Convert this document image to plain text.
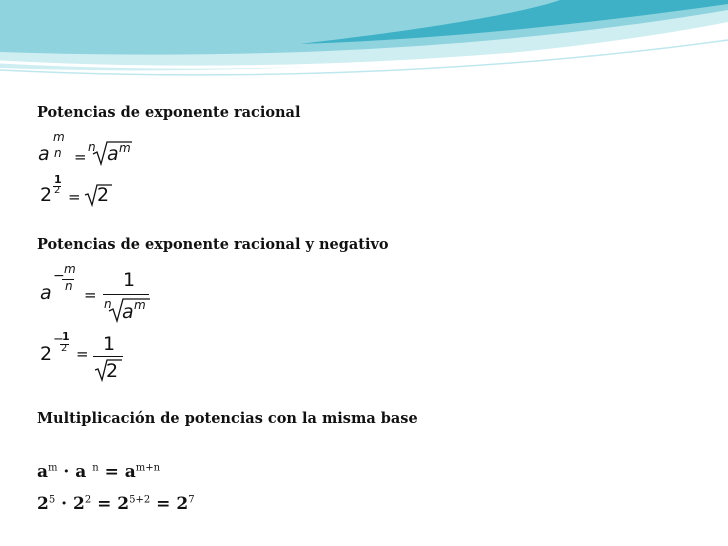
Potencias de exponente racional
a
m
n =
n a m
2
1
2 = 2
Potencias de exponente racional y negativo
a
− m
n =
1
n a m
2
−
1
2 = 1
2
Multiplicación de potencias con la misma base
$a^m \cdot a$ $^n = a^{m+n}$
$2^5 \cdot 2^2 = 2^{5+2} = 2^7$
